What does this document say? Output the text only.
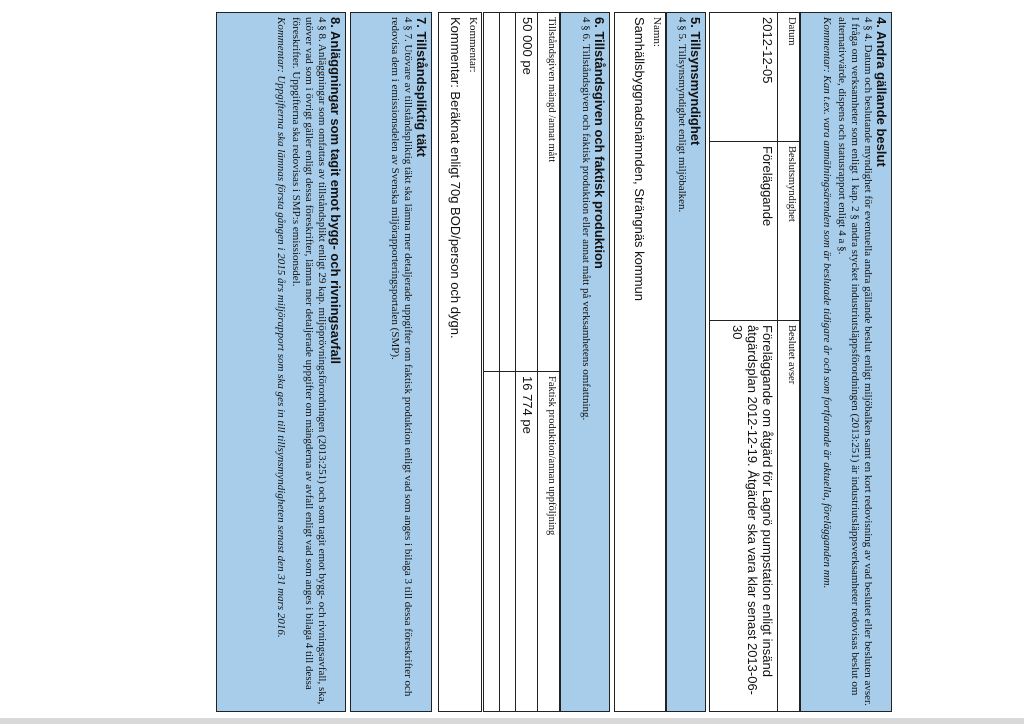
4. Andra gällande beslut

4 § 4. Datum och beslutande myndighet för eventuella andra gällande beslut enligt miljöbalken samt en kort redovisning av vad beslutet eller besluten avser. I fråga om verksamheter som enligt 1 kap. 2 § andra stycket industriutsläppsförordningen (2013:251) är industriutsläppsverksamheter redovisas beslut om alternativvärde, dispens och statusrapport enligt 4 a §.

Kommentar: Kan t.ex. vara anmälningsärenden som är beslutade tidigare år och som fortfarande är aktuella, förelägganden mm.
Datum	Beslutsmyndighet	Beslutet avser
2012-12-05	Föreläggande	Föreläggande om åtgärd för Lagnö pumpstation enligt insänd åtgärdsplan 2012-12-19. Åtgärder ska vara klar senast 2013-06-30
5. Tillsynsmyndighet

4 § 5. Tillsynsmyndighet enligt miljöbalken.

Namn:
Samhällsbyggnadsnämnden, Strängnäs kommun
6. Tillståndsgiven och faktisk produktion

4 § 6. Tillståndsgiven och faktisk produktion eller annat mått på verksamhetens omfattning.

Tillståndsgiven mängd /annat mått	Faktisk produktion/annan uppföljning
50 000 pe	16 774 pe

Kommentar:
Kommentar: Beräknat enligt 70g BOD/person och dygn.
7. Tillståndspliktig täkt

4 § 7. Utövare av tillståndspliktig täkt ska lämna mer detaljerade uppgifter om faktisk produktion enligt vad som anges i bilaga 3 till dessa föreskrifter och redovisa dem i emissionsdelen av Svenska miljörapporteringsportalen (SMP).

8. Anläggningar som tagit emot bygg- och rivningsavfall

4 § 8. Anläggningar som omfattas av tillståndsplikt enligt 29 kap. miljöprövningsförordningen (2013:251) och som tagit emot bygg- och rivningsavfall, ska, utöver vad som i övrigt gäller enligt dessa föreskrifter, lämna mer detaljerade uppgifter om mängderna av avfall enligt vad som anges i bilaga 4 till dessa föreskrifter. Uppgifterna ska redovisas i SMP:s emissionsdel.

Kommentar: Uppgifterna ska lämnas första gången i 2015 års miljörapport som ska ges in till tillsynsmyndigheten senast den 31 mars 2016.
